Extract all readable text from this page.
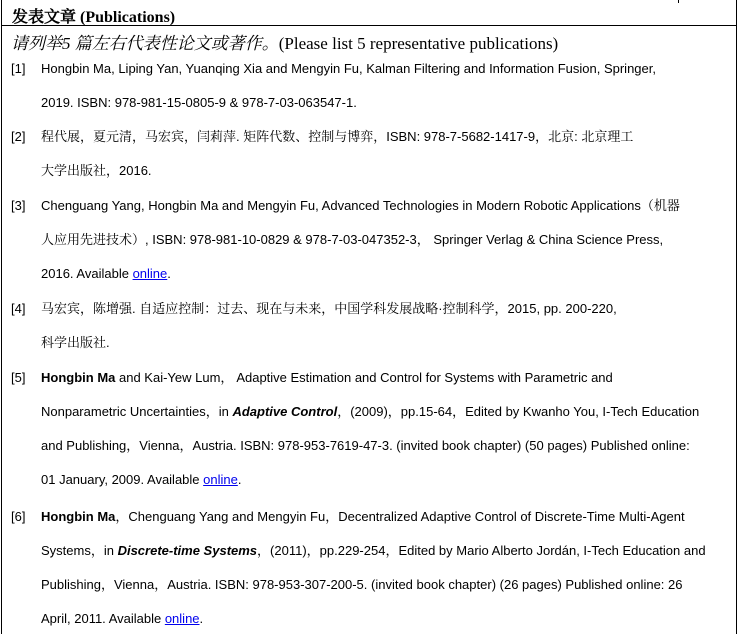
发表文章 (Publications)
请列举5 篇左右代表性论文或著作。(Please list 5 representative publications)
[1] Hongbin Ma, Liping Yan, Yuanqing Xia and Mengyin Fu, Kalman Filtering and Information Fusion, Springer,
2019. ISBN: 978-981-15-0805-9 & 978-7-03-063547-1.
[2] 程代展，夏元清，马宏宾，闫莉萍. 矩阵代数、控制与博弈，ISBN: 978-7-5682-1417-9，北京: 北京理工
大学出版社，2016.
[3] Chenguang Yang, Hongbin Ma and Mengyin Fu, Advanced Technologies in Modern Robotic Applications（机器
人应用先进技术）, ISBN: 978-981-10-0829 & 978-7-03-047352-3， Springer Verlag & China Science Press,
2016. Available online.
[4] 马宏宾，陈增强. 自适应控制：过去、现在与未来，中国学科发展战略·控制科学，2015, pp. 200-220,
科学出版社.
[5] Hongbin Ma and Kai-Yew Lum， Adaptive Estimation and Control for Systems with Parametric and
Nonparametric Uncertainties，in Adaptive Control，(2009)，pp.15-64，Edited by Kwanho You, I-Tech Education
and Publishing，Vienna，Austria. ISBN: 978-953-7619-47-3. (invited book chapter) (50 pages) Published online:
01 January, 2009. Available online.
[6] Hongbin Ma，Chenguang Yang and Mengyin Fu，Decentralized Adaptive Control of Discrete-Time Multi-Agent
Systems，in Discrete-time Systems，(2011)，pp.229-254，Edited by Mario Alberto Jordán, I-Tech Education and
Publishing，Vienna，Austria. ISBN: 978-953-307-200-5. (invited book chapter) (26 pages) Published online: 26
April, 2011. Available online.
